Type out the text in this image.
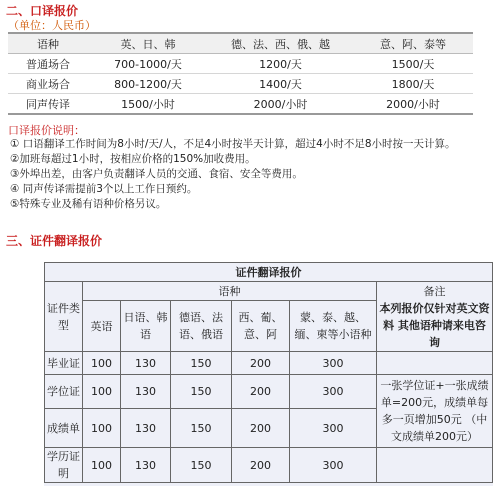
二、口译报价
（单位：人民币）
语种	英、日、韩	德、法、西、俄、越	意、阿、泰等
普通场合	700-1000/天	1200/天	1500/天
商业场合	800-1200/天	1400/天	1800/天
同声传译	1500/小时	2000/小时	2000/小时
口译报价说明：
① 口语翻译工作时间为8小时/天/人，不足4小时按半天计算，超过4小时不足8小时按一天计算。
②加班每超过1小时，按相应价格的150%加收费用。
③外埠出差，由客户负责翻译人员的交通、食宿、安全等费用。
④ 同声传译需提前3个以上工作日预约。
⑤特殊专业及稀有语种价格另议。
三、证件翻译报价
证件翻译报价						
证件类型	语种					备注
本列报价仅针对英文资料 其他语种请来电咨询

	英语	日语、韩语	德语、法语、俄语	西、葡、意、阿	蒙、泰、越、缅、柬等小语种	
毕业证	100	130	150	200	300	
学位证	100	130	150	200	300	一张学位证+一张成绩单=200元，成绩单每多一页增加50元 （中文成绩单200元）
成绩单	100	130	150	200	300	
学历证明	100	130	150	200	300	
